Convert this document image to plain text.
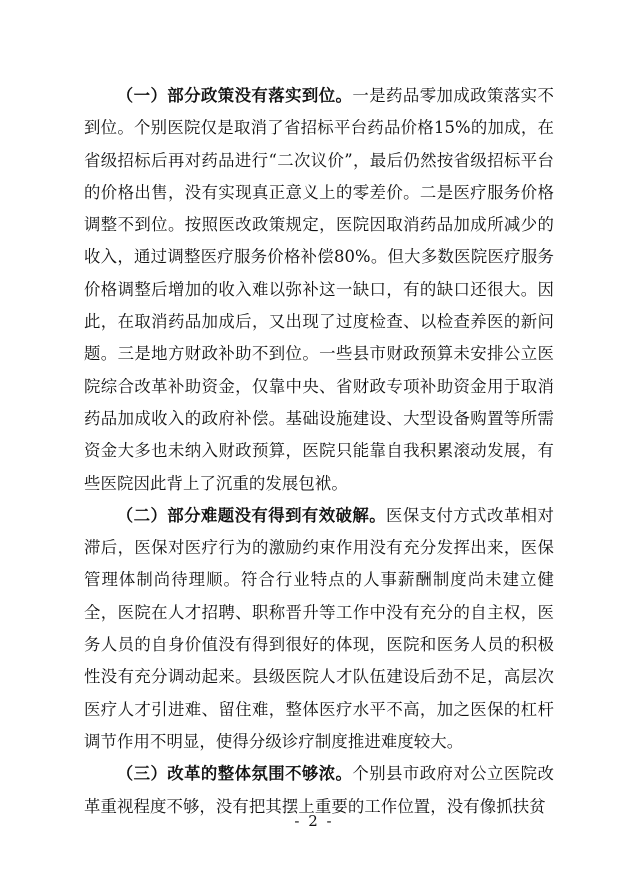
（一）部分政策没有落实到位。一是药品零加成政策落实不到位。个别医院仅是取消了省招标平台药品价格15%的加成，在省级招标后再对药品进行“二次议价”，最后仍然按省级招标平台的价格出售，没有实现真正意义上的零差价。二是医疗服务价格调整不到位。按照医改政策规定，医院因取消药品加成所减少的收入，通过调整医疗服务价格补偿80%。但大多数医院医疗服务价格调整后增加的收入难以弥补这一缺口，有的缺口还很大。因此，在取消药品加成后，又出现了过度检查、以检查养医的新问题。三是地方财政补助不到位。一些县市财政预算未安排公立医院综合改革补助资金，仅靠中央、省财政专项补助资金用于取消药品加成收入的政府补偿。基础设施建设、大型设备购置等所需资金大多也未纳入财政预算，医院只能靠自我积累滚动发展，有些医院因此背上了沉重的发展包袱。

（二）部分难题没有得到有效破解。医保支付方式改革相对滞后，医保对医疗行为的激励约束作用没有充分发挥出来，医保管理体制尚待理顺。符合行业特点的人事薪酬制度尚未建立健全，医院在人才招聘、职称晋升等工作中没有充分的自主权，医务人员的自身价值没有得到很好的体现，医院和医务人员的积极性没有充分调动起来。县级医院人才队伍建设后劲不足，高层次医疗人才引进难、留住难，整体医疗水平不高，加之医保的杠杆调节作用不明显，使得分级诊疗制度推进难度较大。

（三）改革的整体氛围不够浓。个别县市政府对公立医院改革重视程度不够，没有把其摆上重要的工作位置，没有像抓扶贫

- 2 -
